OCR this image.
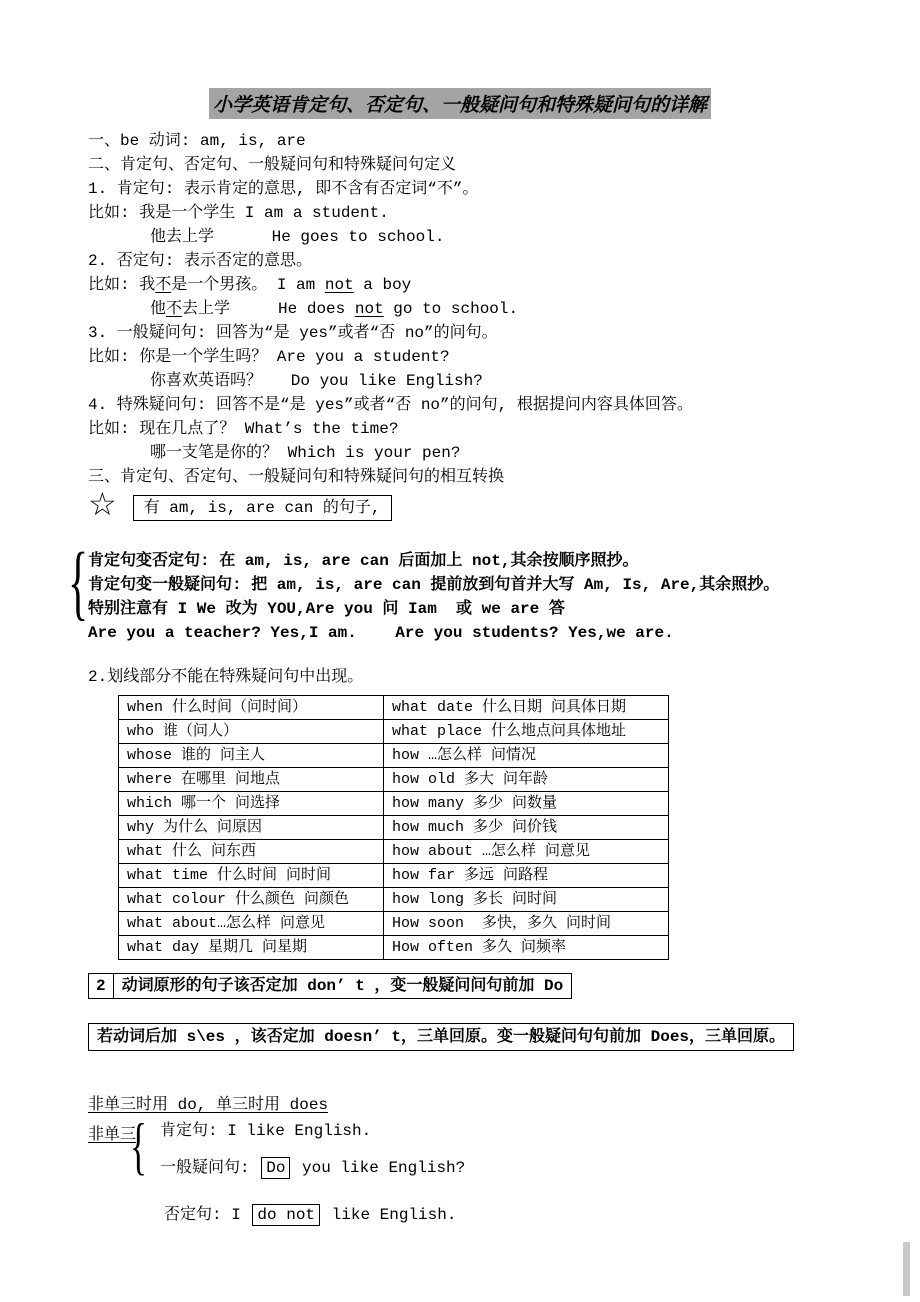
小学英语肯定句、否定句、一般疑问句和特殊疑问句的详解
一、be 动词: am, is, are
二、肯定句、否定句、一般疑问句和特殊疑问句定义
1. 肯定句: 表示肯定的意思, 即不含有否定词“不”。
比如: 我是一个学生 I am a student.
他去上学      He goes to school.
2. 否定句: 表示否定的意思。
比如: 我不是一个男孩。 I am not a boy
他不去上学     He does not go to school.
3. 一般疑问句: 回答为“是 yes”或者“否 no”的问句。
比如: 你是一个学生吗？ Are you a student?
你喜欢英语吗？   Do you like English?
4. 特殊疑问句: 回答不是“是 yes”或者“否 no”的问句, 根据提问内容具体回答。
比如: 现在几点了？ What’s the time?
哪一支笔是你的？ Which is your pen?
三、肯定句、否定句、一般疑问句和特殊疑问句的相互转换
☆	有 am, is, are can 的句子,
{ 肯定句变否定句: 在 am, is, are can 后面加上 not,其余按顺序照抄。
肯定句变一般疑问句: 把 am, is, are can 提前放到句首并大写 Am, Is, Are,其余照抄。
特别注意有 I We 改为 YOU,Are you 问 Iam  或 we are 答
Are you a teacher? Yes,I am.    Are you students? Yes,we are.
2.划线部分不能在特殊疑问句中出现。
when 什么时间（问时间）	what date 什么日期 问具体日期
who 谁（问人）	what place 什么地点问具体地址
whose 谁的 问主人	how …怎么样 问情况
where 在哪里 问地点	how old 多大 问年龄
which 哪一个 问选择	how many 多少 问数量
why 为什么 问原因	how much 多少 问价钱
what 什么 问东西	how about …怎么样 问意见
what time 什么时间 问时间	how far 多远 问路程
what colour 什么颜色 问颜色	how long 多长 问时间
what about…怎么样 问意见	How soon  多快，多久 问时间
what day 星期几 问星期	How often 多久 问频率
2	动词原形的句子该否定加 don’ t ，变一般疑问问句前加 Do
若动词后加 s\es ，该否定加 doesn’ t，三单回原。变一般疑问句句前加 Does，三单回原。
非单三时用 do, 单三时用 does
非单三
{ 肯定句: I like English.
一般疑问句: Do you like English?
否定句: I do not like English.
